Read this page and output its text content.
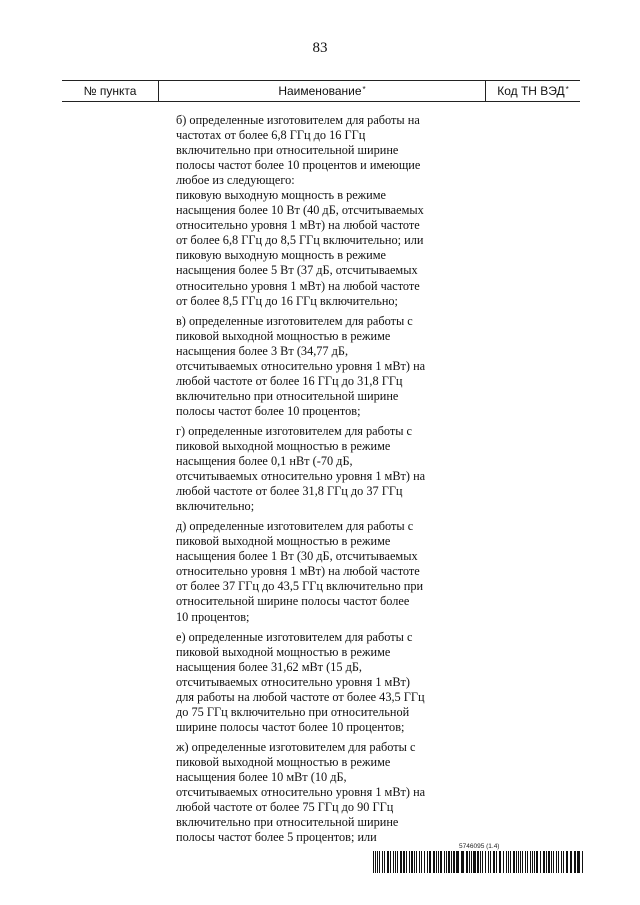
83
№ пункта	Наименование*	Код ТН ВЭД*
б) определенные изготовителем для работы на
частотах от более 6,8 ГГц до 16 ГГц
включительно при относительной ширине
полосы частот более 10 процентов и имеющие
любое из следующего:
пиковую выходную мощность в режиме
насыщения более 10 Вт (40 дБ, отсчитываемых
относительно уровня 1 мВт) на любой частоте
от более 6,8 ГГц до 8,5 ГГц включительно; или
пиковую выходную мощность в режиме
насыщения более 5 Вт (37 дБ, отсчитываемых
относительно уровня 1 мВт) на любой частоте
от более 8,5 ГГц до 16 ГГц включительно;
в) определенные изготовителем для работы с
пиковой выходной мощностью в режиме
насыщения более 3 Вт (34,77 дБ,
отсчитываемых относительно уровня 1 мВт) на
любой частоте от более 16 ГГц до 31,8 ГГц
включительно при относительной ширине
полосы частот более 10 процентов;
г) определенные изготовителем для работы с
пиковой выходной мощностью в режиме
насыщения более 0,1 нВт (-70 дБ,
отсчитываемых относительно уровня 1 мВт) на
любой частоте от более 31,8 ГГц до 37 ГГц
включительно;
д) определенные изготовителем для работы с
пиковой выходной мощностью в режиме
насыщения более 1 Вт (30 дБ, отсчитываемых
относительно уровня 1 мВт) на любой частоте
от более 37 ГГц до 43,5 ГГц включительно при
относительной ширине полосы частот более
10 процентов;
е) определенные изготовителем для работы с
пиковой выходной мощностью в режиме
насыщения более 31,62 мВт (15 дБ,
отсчитываемых относительно уровня 1 мВт)
для работы на любой частоте от более 43,5 ГГц
до 75 ГГц включительно при относительной
ширине полосы частот более 10 процентов;
ж) определенные изготовителем для работы с
пиковой выходной мощностью в режиме
насыщения более 10 мВт (10 дБ,
отсчитываемых относительно уровня 1 мВт) на
любой частоте от более 75 ГГц до 90 ГГц
включительно при относительной ширине
полосы частот более 5 процентов; или
5746095 (1.4)
